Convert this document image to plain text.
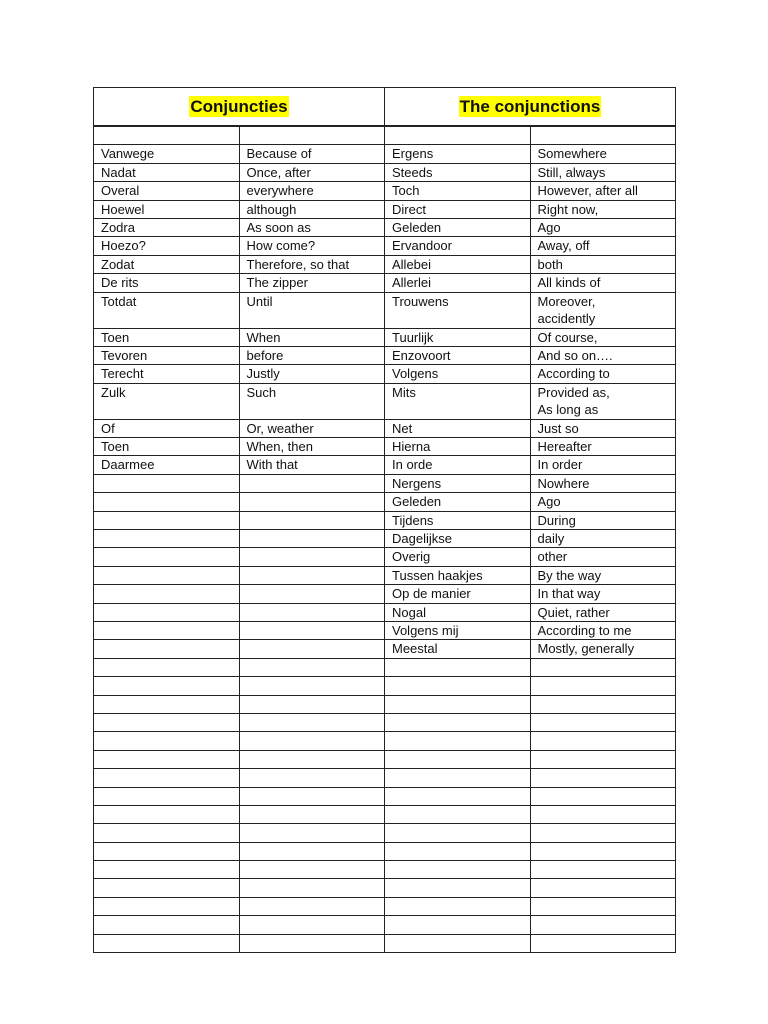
Conjuncties	The conjunctions

Vanwege	Because of	Ergens	Somewhere
Nadat	Once, after	Steeds	Still, always
Overal	everywhere	Toch	However, after all
Hoewel	although	Direct	Right now,
Zodra	As soon as	Geleden	Ago
Hoezo?	How come?	Ervandoor	Away, off
Zodat	Therefore, so that	Allebei	both
De rits	The zipper	Allerlei	All kinds of
Totdat	Until	Trouwens	Moreover,
accidently
Toen	When	Tuurlijk	Of course,
Tevoren	before	Enzovoort	And so on….
Terecht	Justly	Volgens	According to
Zulk	Such	Mits	Provided as,
As long as
Of	Or, weather	Net	Just so
Toen	When, then	Hierna	Hereafter
Daarmee	With that	In orde	In order
		Nergens	Nowhere
		Geleden	Ago
		Tijdens	During
		Dagelijkse	daily
		Overig	other
		Tussen haakjes	By the way
		Op de manier	In that way
		Nogal	Quiet, rather
		Volgens mij	According to me
		Meestal	Mostly, generally
